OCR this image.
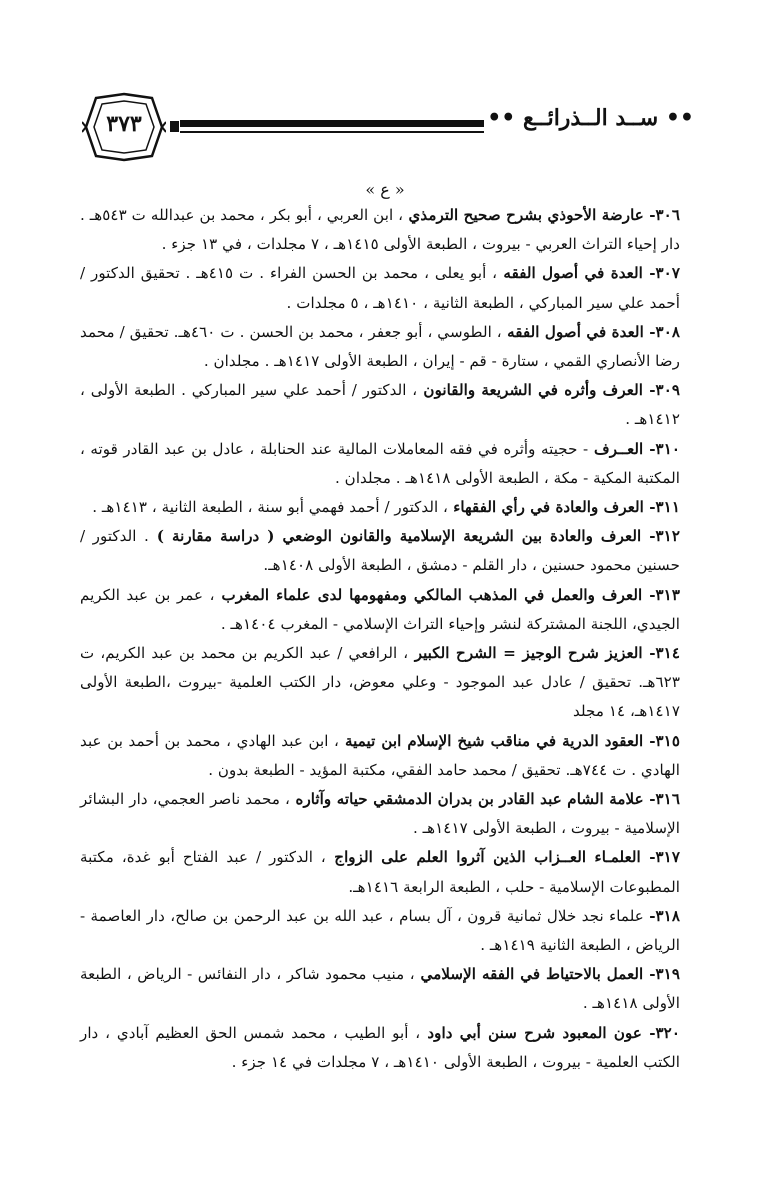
٣٧٣	•• ســد الــذرائــع ••
« ع »

٣٠٦- عارضة الأحوذي بشرح صحيح الترمذي ، ابن العربي ، أبو بكر ، محمد بن عبدالله ت ٥٤٣هـ . دار إحياء التراث العربي - بيروت ، الطبعة الأولى ١٤١٥هـ ، ٧ مجلدات ، في ١٣ جزء .

٣٠٧- العدة في أصول الفقه ، أبو يعلى ، محمد بن الحسن الفراء . ت ٤١٥هـ . تحقيق الدكتور / أحمد علي سير المباركي ، الطبعة الثانية ، ١٤١٠هـ ، ٥ مجلدات .

٣٠٨- العدة في أصول الفقه ، الطوسي ، أبو جعفر ، محمد بن الحسن . ت ٤٦٠هـ. تحقيق / محمد رضا الأنصاري القمي ، ستارة - قم - إيران ، الطبعة الأولى ١٤١٧هـ . مجلدان .

٣٠٩- العرف وأثره في الشريعة والقانون ، الدكتور / أحمد علي سير المباركي . الطبعة الأولى ، ١٤١٢هـ .

٣١٠- العــرف - حجيته وأثره في فقه المعاملات المالية عند الحنابلة ، عادل بن عبد القادر قوته ، المكتبة المكية - مكة ، الطبعة الأولى ١٤١٨هـ . مجلدان .

٣١١- العرف والعادة في رأي الفقهاء ، الدكتور / أحمد فهمي أبو سنة ، الطبعة الثانية ، ١٤١٣هـ .

٣١٢- العرف والعادة بين الشريعة الإسلامية والقانون الوضعي ( دراسة مقارنة ) . الدكتور / حسنين محمود حسنين ، دار القلم - دمشق ، الطبعة الأولى ١٤٠٨هـ.

٣١٣- العرف والعمل في المذهب المالكي ومفهومها لدى علماء المغرب ، عمر بن عبد الكريم الجيدي، اللجنة المشتركة لنشر وإحياء التراث الإسلامي - المغرب ١٤٠٤هـ .

٣١٤- العزيز شرح الوجيز = الشرح الكبير ، الرافعي / عبد الكريم بن محمد بن عبد الكريم، ت ٦٢٣هـ. تحقيق / عادل عبد الموجود - وعلي معوض، دار الكتب العلمية -بيروت ،الطبعة الأولى ١٤١٧هـ، ١٤ مجلد

٣١٥- العقود الدرية في مناقب شيخ الإسلام ابن تيمية ، ابن عبد الهادي ، محمد بن أحمد بن عبد الهادي . ت ٧٤٤هـ. تحقيق / محمد حامد الفقي، مكتبة المؤيد - الطبعة بدون .

٣١٦- علامة الشام عبد القادر بن بدران الدمشقي حياته وآثاره ، محمد ناصر العجمي، دار البشائر الإسلامية - بيروت ، الطبعة الأولى ١٤١٧هـ .

٣١٧- العلمـاء العــزاب الذين آثروا العلم على الزواج ، الدكتور / عبد الفتاح أبو غدة، مكتبة المطبوعات الإسلامية - حلب ، الطبعة الرابعة ١٤١٦هـ.

٣١٨- علماء نجد خلال ثمانية قرون ، آل بسام ، عبد الله بن عبد الرحمن بن صالح، دار العاصمة - الرياض ، الطبعة الثانية ١٤١٩هـ .

٣١٩- العمل بالاحتياط في الفقه الإسلامي ، منيب محمود شاكر ، دار النفائس - الرياض ، الطبعة الأولى ١٤١٨هـ .

٣٢٠- عون المعبود شرح سنن أبي داود ، أبو الطيب ، محمد شمس الحق العظيم آبادي ، دار الكتب العلمية - بيروت ، الطبعة الأولى ١٤١٠هـ ، ٧ مجلدات في ١٤ جزء .
